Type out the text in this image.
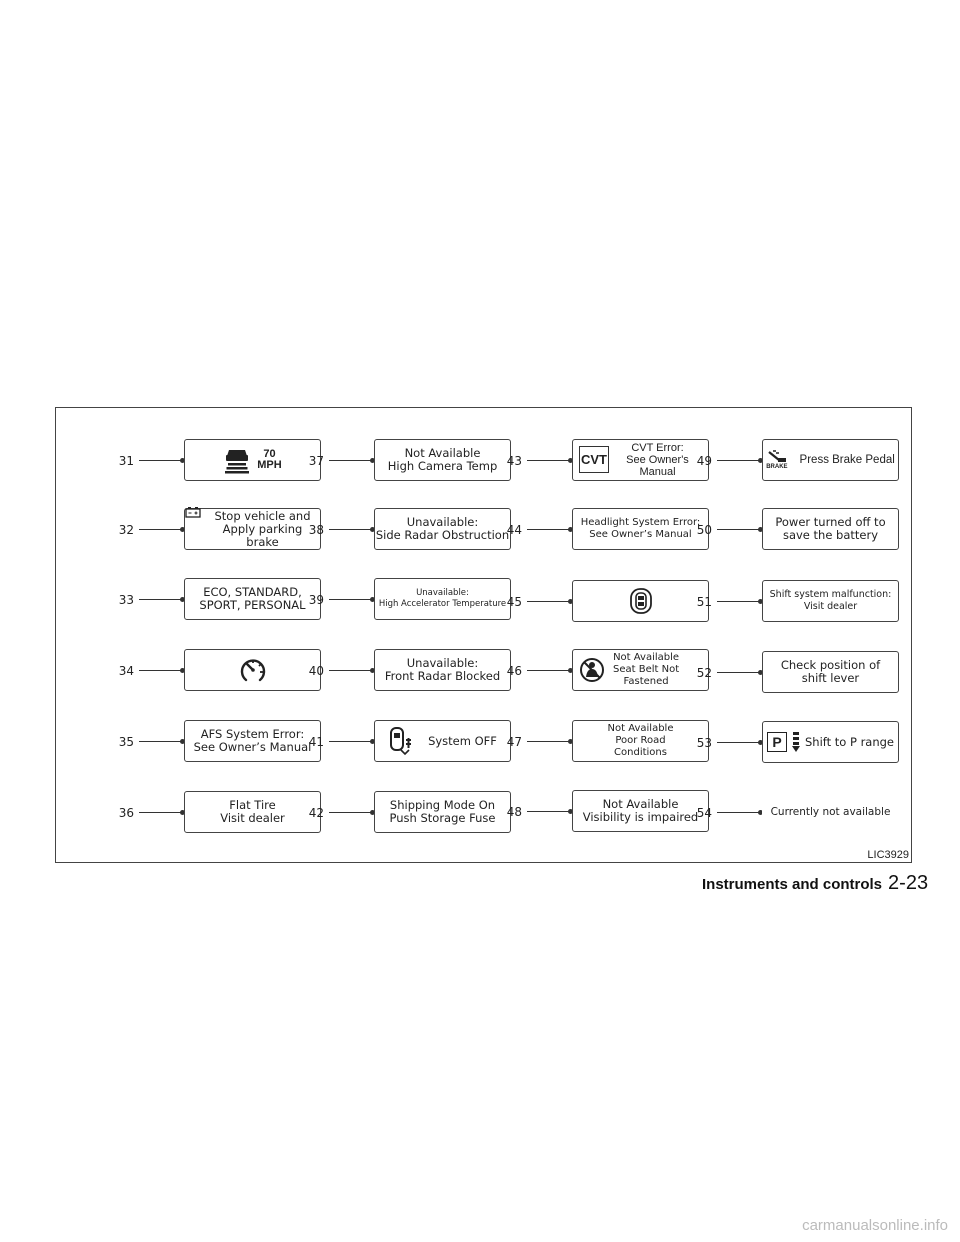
31	70
MPH
32
Stop vehicle and
Apply parking brake
33
ECO, STANDARD,
SPORT, PERSONAL
34
35
AFS System Error:
See Owner’s Manual
36
Flat Tire
Visit dealer
37
Not Available
High Camera Temp
38
Unavailable:
Side Radar Obstruction
39	Unavailable:
High Accelerator Temperature
40
Unavailable:
Front Radar Blocked
41	System OFF
42
Shipping Mode On
Push Storage Fuse
43	CVT
CVT Error:
See Owner's Manual
44
Headlight System Error:
See Owner’s Manual
45
46
Not Available
Seat Belt Not
Fastened
47
Not Available
Poor Road
Conditions
48
Not Available
Visibility is impaired
49	BRAKE
Press Brake Pedal
50
Power turned off to
save the battery
51
Shift system malfunction:
Visit dealer
52
Check position of
shift lever
53	P	Shift to P range
54	Currently not available
LIC3929
Instruments and controls 2-23
carmanualsonline.info
